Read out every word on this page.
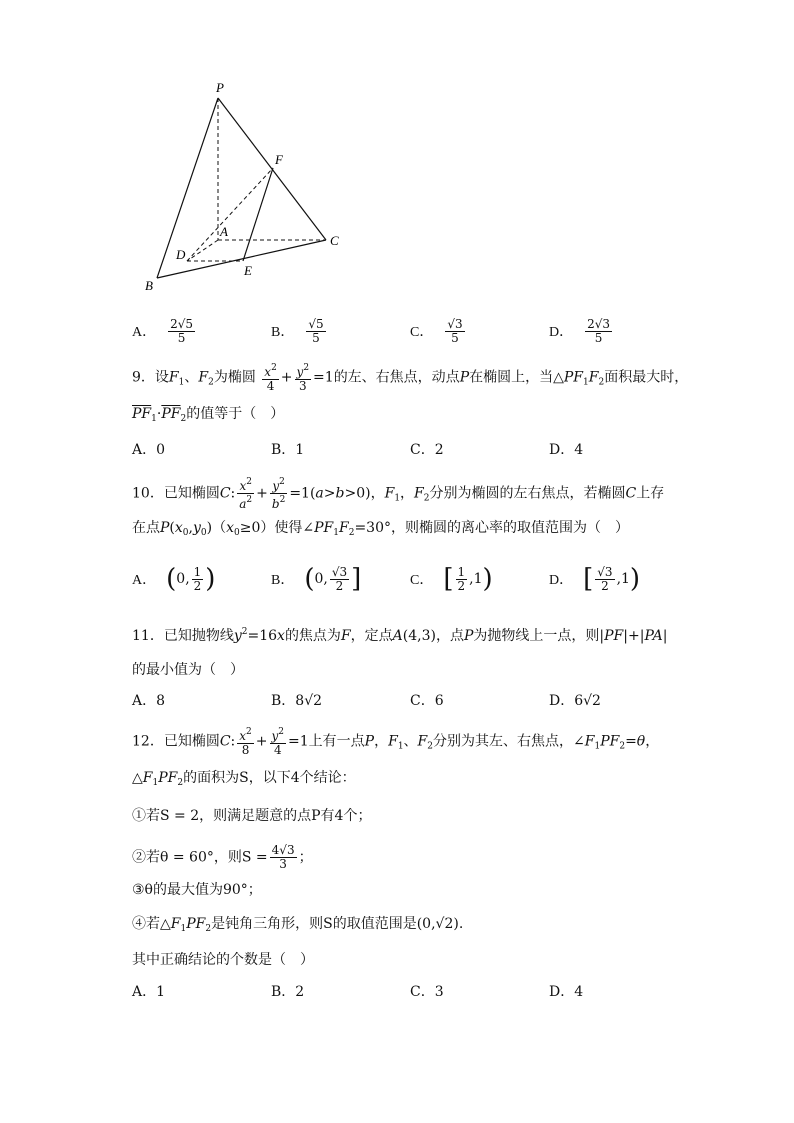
P
F
A
C
D
E
B
A． $\frac{2√5}{5}$	B． $\frac{√5}{5}$	C． $\frac{√3}{5}$	D． $\frac{2√3}{5}$
9．设$F_1$、$F_2$为椭圆 $\frac{x^2}{4} + \frac{y^2}{3} =1$的左、右焦点，动点P在椭圆上，当$\triangle PF_1F_2$面积最大时，
$\overline{PF}_1\cdot\overline{PF}_2$的值等于（　）
A．0	B．1	C．2	D．4
10．已知椭圆C: $\frac{x^2}{a^2} + \frac{y^2}{b^2} =1(a>b>0)$，$F_1$，$F_2$分别为椭圆的左右焦点，若椭圆C上存
在点$P(x_0,y_0)(x_0\ge 0)$使得$\angle PF_1F_2=30^\circ$，则椭圆的离心率的取值范围为（　）
A． ( 0, $\frac{1}{2}$ )	B． ( 0, $\frac{√3}{2}$ ]	C． [ $\frac{1}{2} ,1$ )	D． [ $\frac{√3}{2} ,1$ )
11．已知抛物线$y^2=16x$的焦点为F，定点A(4,3)，点P为抛物线上一点，则|PF|+|PA|
的最小值为（　）
A．8	B．8√2	C．6	D．6√2
12．已知椭圆C: $\frac{x^2}{8} + \frac{y^2}{4} =1$上有一点P，$F_1$、$F_2$分别为其左、右焦点，$\angle F_1PF_2=\theta$，
$\triangle F_1PF_2$的面积为S，以下4个结论：
①若S = 2，则满足题意的点P有4个；
②若θ = 60°，则$S = \frac{4√3}{3}$ ；
③θ的最大值为90°；
④若$\triangle F_1PF_2$是钝角三角形，则S的取值范围是(0,√2).
其中正确结论的个数是（　）
A．1	B．2	C．3	D．4
